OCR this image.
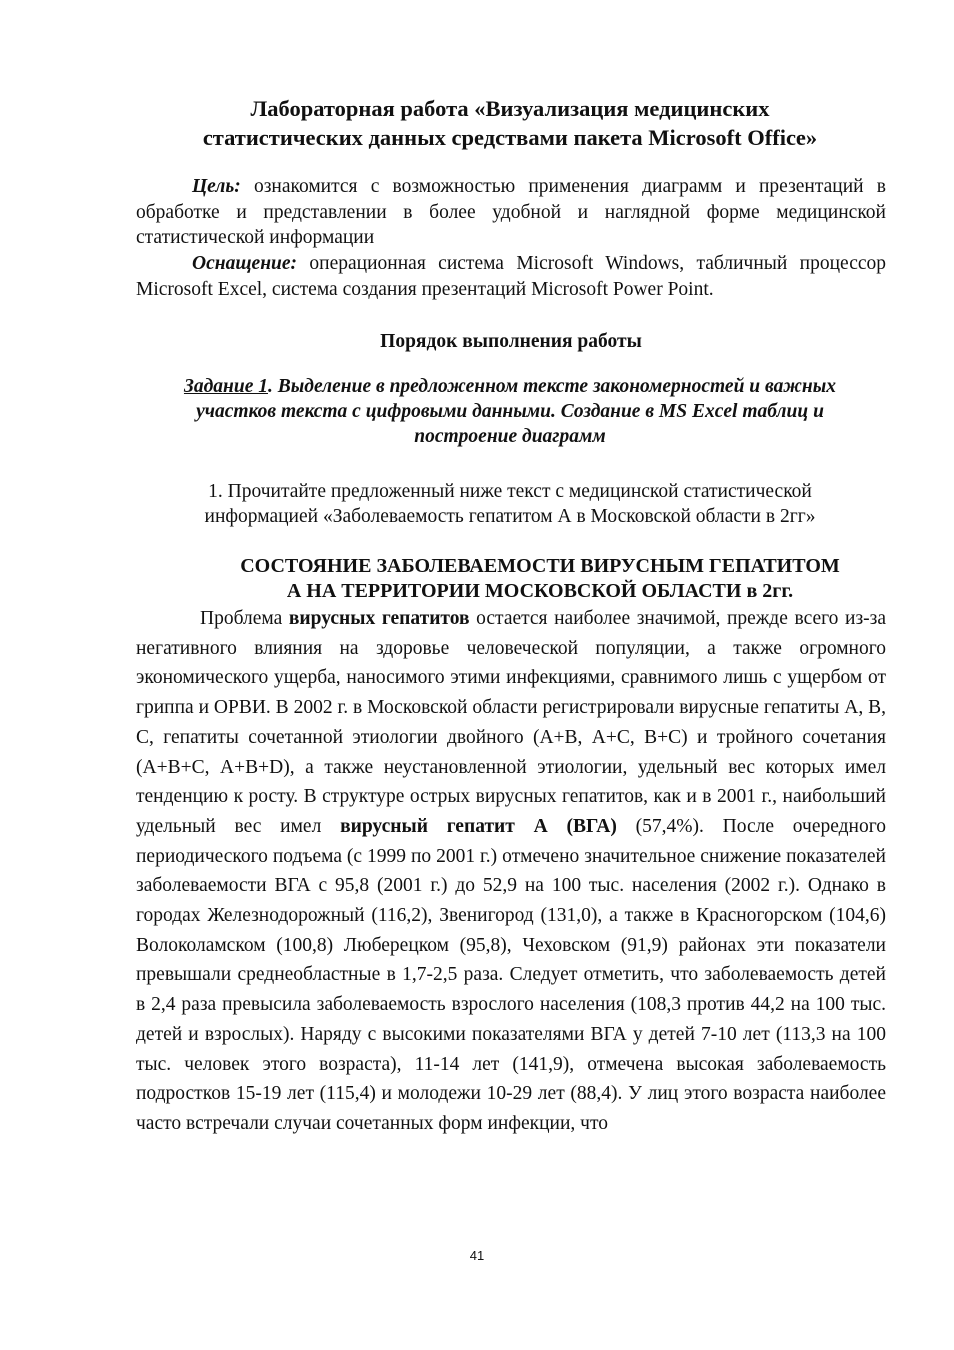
Лабораторная работа «Визуализация медицинских
статистических данных средствами пакета Microsoft Office»

Цель: ознакомится с возможностью применения диаграмм и презентаций в обработке и представлении в более удобной и наглядной форме медицинской статистической информации

Оснащение: операционная система Microsoft Windows, табличный процессор Microsoft Excel, система создания презентаций Microsoft Power Point.

Порядок выполнения работы
Задание 1. Выделение в предложенном тексте закономерностей и важных участков текста с цифровыми данными. Создание в MS Excel таблиц и построение диаграмм
1. Прочитайте предложенный ниже текст с медицинской статистической
информацией «Заболеваемость гепатитом А в Московской области в 2гг»
СОСТОЯНИЕ ЗАБОЛЕВАЕМОСТИ ВИРУСНЫМ ГЕПАТИТОМ
А НА ТЕРРИТОРИИ МОСКОВСКОЙ ОБЛАСТИ в 2гг.

Проблема вирусных гепатитов остается наиболее значимой, прежде всего из-за негативного влияния на здоровье человеческой популяции, а также огромного экономического ущерба, наносимого этими инфекциями, сравнимого лишь с ущербом от гриппа и ОРВИ. В 2002 г. в Московской области регистрировали вирусные гепатиты А, В, С, гепатиты сочетанной этиологии двойного (А+В, А+С, В+С) и тройного сочетания (А+В+С, А+В+D), а также неустановленной этиологии, удельный вес которых имел тенденцию к росту. В структуре острых вирусных гепатитов, как и в 2001 г., наибольший удельный вес имел вирусный гепатит А (ВГА) (57,4%). После очередного периодического подъема (с 1999 по 2001 г.) отмечено значительное снижение показателей заболеваемости ВГА с 95,8 (2001 г.) до 52,9 на 100 тыс. населения (2002 г.). Однако в городах Железнодорожный (116,2), Звенигород (131,0), а также в Красногорском (104,6) Волоколамском (100,8) Люберецком (95,8), Чеховском (91,9) районах эти показатели превышали среднеобластные в 1,7-2,5 раза. Следует отметить, что заболеваемость детей в 2,4 раза превысила заболеваемость взрослого населения (108,3 против 44,2 на 100 тыс. детей и взрослых). Наряду с высокими показателями ВГА у детей 7-10 лет (113,3 на 100 тыс. человек этого возраста), 11-14 лет (141,9), отмечена высокая заболеваемость подростков 15-19 лет (115,4) и молодежи 10-29 лет (88,4). У лиц этого возраста наиболее часто встречали случаи сочетанных форм инфекции, что

41
